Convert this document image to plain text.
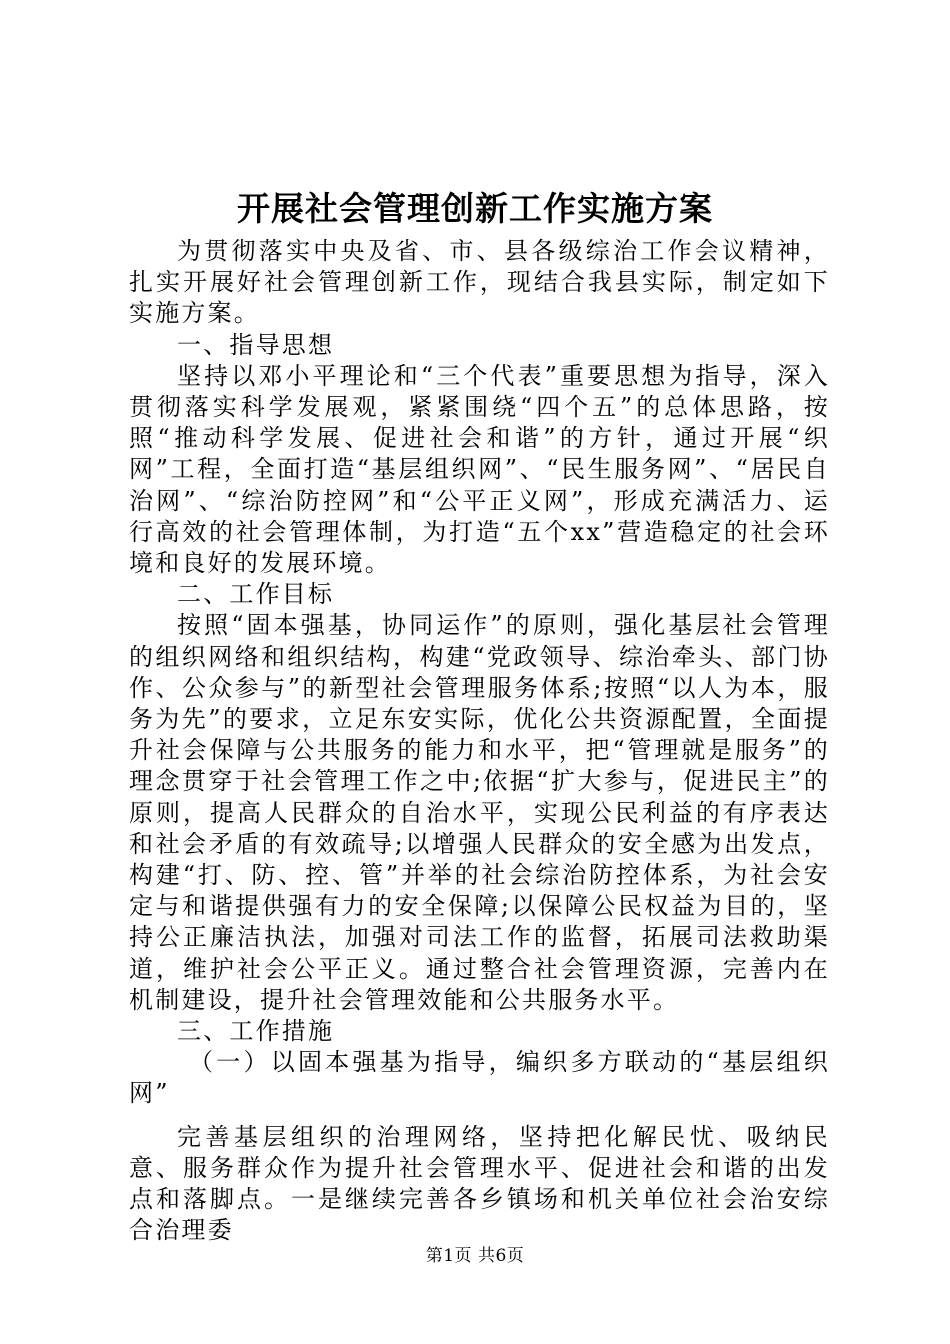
开展社会管理创新工作实施方案

为贯彻落实中央及省、市、县各级综治工作会议精神，扎实开展好社会管理创新工作，现结合我县实际，制定如下实施方案。

一、指导思想

坚持以邓小平理论和“三个代表”重要思想为指导，深入贯彻落实科学发展观，紧紧围绕“四个五”的总体思路，按照“推动科学发展、促进社会和谐”的方针，通过开展“织网”工程，全面打造“基层组织网”、“民生服务网”、“居民自治网”、“综治防控网”和“公平正义网”，形成充满活力、运行高效的社会管理体制，为打造“五个xx”营造稳定的社会环境和良好的发展环境。

二、工作目标

按照“固本强基，协同运作”的原则，强化基层社会管理的组织网络和组织结构，构建“党政领导、综治牵头、部门协作、公众参与”的新型社会管理服务体系;按照“以人为本，服务为先”的要求，立足东安实际，优化公共资源配置，全面提升社会保障与公共服务的能力和水平，把“管理就是服务”的理念贯穿于社会管理工作之中;依据“扩大参与，促进民主”的原则，提高人民群众的自治水平，实现公民利益的有序表达和社会矛盾的有效疏导;以增强人民群众的安全感为出发点，构建“打、防、控、管”并举的社会综治防控体系，为社会安定与和谐提供强有力的安全保障;以保障公民权益为目的，坚持公正廉洁执法，加强对司法工作的监督，拓展司法救助渠道，维护社会公平正义。通过整合社会管理资源，完善内在机制建设，提升社会管理效能和公共服务水平。

三、工作措施

（一）以固本强基为指导，编织多方联动的“基层组织网”

完善基层组织的治理网络，坚持把化解民忧、吸纳民意、服务群众作为提升社会管理水平、促进社会和谐的出发点和落脚点。一是继续完善各乡镇场和机关单位社会治安综合治理委

第1页 共6页
